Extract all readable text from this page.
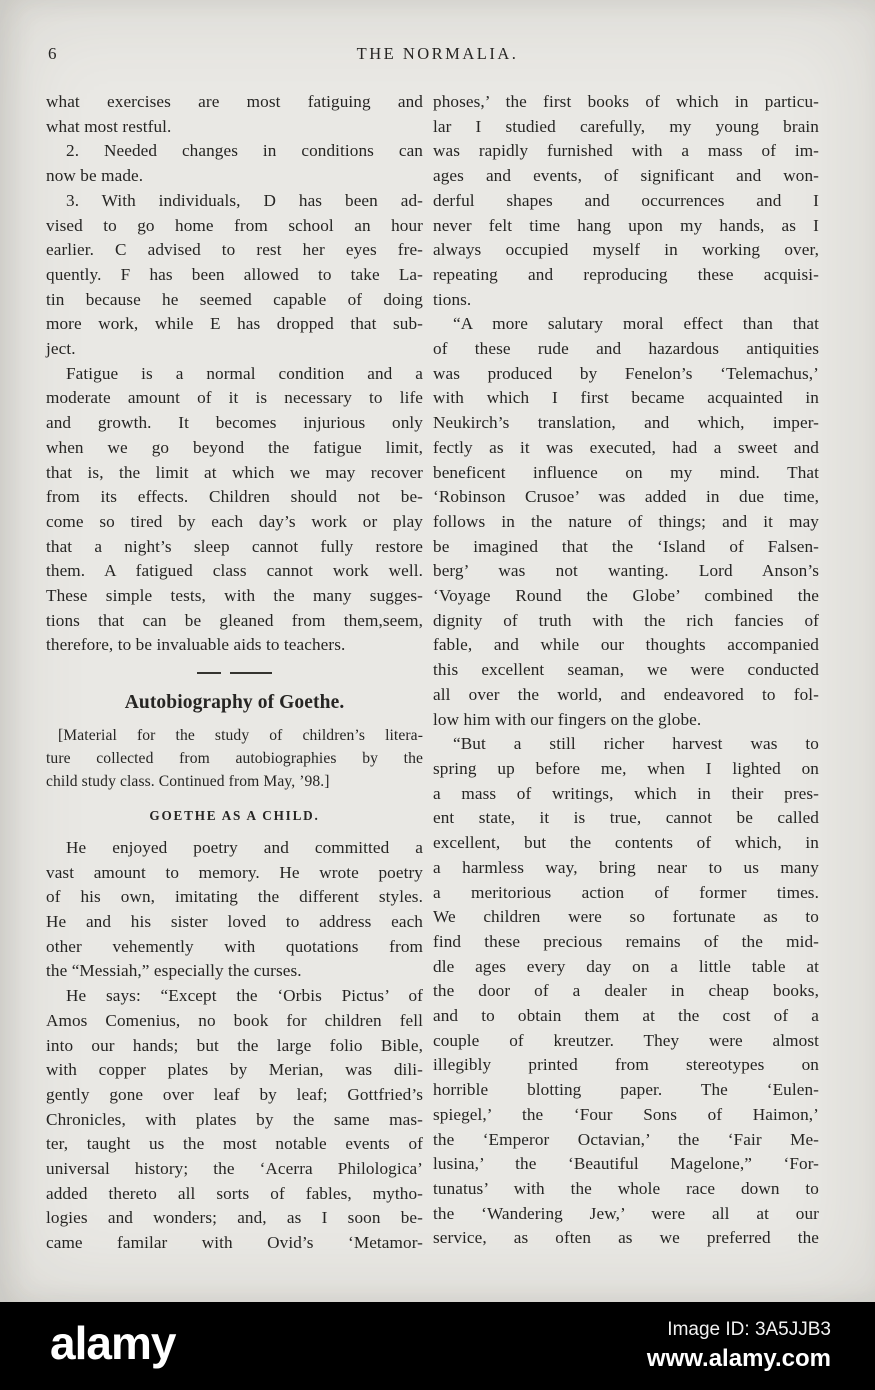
6	THE NORMALIA.
what exercises are most fatiguing and
what most restful.
2. Needed changes in conditions can
now be made.
3. With individuals, D has been ad-
vised to go home from school an hour
earlier. C advised to rest her eyes fre-
quently. F has been allowed to take La-
tin because he seemed capable of doing
more work, while E has dropped that sub-
ject.
Fatigue is a normal condition and a
moderate amount of it is necessary to life
and growth. It becomes injurious only
when we go beyond the fatigue limit,
that is, the limit at which we may recover
from its effects. Children should not be-
come so tired by each day’s work or play
that a night’s sleep cannot fully restore
them. A fatigued class cannot work well.
These simple tests, with the many sugges-
tions that can be gleaned from them,seem,
therefore, to be invaluable aids to teachers.
Autobiography of Goethe.
[Material for the study of children’s litera-
ture collected from autobiographies by the
child study class. Continued from May, ’98.]
GOETHE AS A CHILD.
He enjoyed poetry and committed a
vast amount to memory. He wrote poetry
of his own, imitating the different styles.
He and his sister loved to address each
other vehemently with quotations from
the “Messiah,” especially the curses.
He says: “Except the ‘Orbis Pictus’ of
Amos Comenius, no book for children fell
into our hands; but the large folio Bible,
with copper plates by Merian, was dili-
gently gone over leaf by leaf; Gottfried’s
Chronicles, with plates by the same mas-
ter, taught us the most notable events of
universal history; the ‘Acerra Philologica’
added thereto all sorts of fables, mytho-
logies and wonders; and, as I soon be-
came familar with Ovid’s ‘Metamor-
phoses,’ the first books of which in particu-
lar I studied carefully, my young brain
was rapidly furnished with a mass of im-
ages and events, of significant and won-
derful shapes and occurrences and I
never felt time hang upon my hands, as I
always occupied myself in working over,
repeating and reproducing these acquisi-
tions.
“A more salutary moral effect than that
of these rude and hazardous antiquities
was produced by Fenelon’s ‘Telemachus,’
with which I first became acquainted in
Neukirch’s translation, and which, imper-
fectly as it was executed, had a sweet and
beneficent influence on my mind. That
‘Robinson Crusoe’ was added in due time,
follows in the nature of things; and it may
be imagined that the ‘Island of Falsen-
berg’ was not wanting. Lord Anson’s
‘Voyage Round the Globe’ combined the
dignity of truth with the rich fancies of
fable, and while our thoughts accompanied
this excellent seaman, we were conducted
all over the world, and endeavored to fol-
low him with our fingers on the globe.
“But a still richer harvest was to
spring up before me, when I lighted on
a mass of writings, which in their pres-
ent state, it is true, cannot be called
excellent, but the contents of which, in
a harmless way, bring near to us many
a meritorious action of former times.
We children were so fortunate as to
find these precious remains of the mid-
dle ages every day on a little table at
the door of a dealer in cheap books,
and to obtain them at the cost of a
couple of kreutzer. They were almost
illegibly printed from stereotypes on
horrible blotting paper. The ‘Eulen-
spiegel,’ the ‘Four Sons of Haimon,’
the ‘Emperor Octavian,’ the ‘Fair Me-
lusina,’ the ‘Beautiful Magelone,” ‘For-
tunatus’ with the whole race down to
the ‘Wandering Jew,’ were all at our
service, as often as we preferred the
alamy	Image ID: 3A5JJB3
www.alamy.com
